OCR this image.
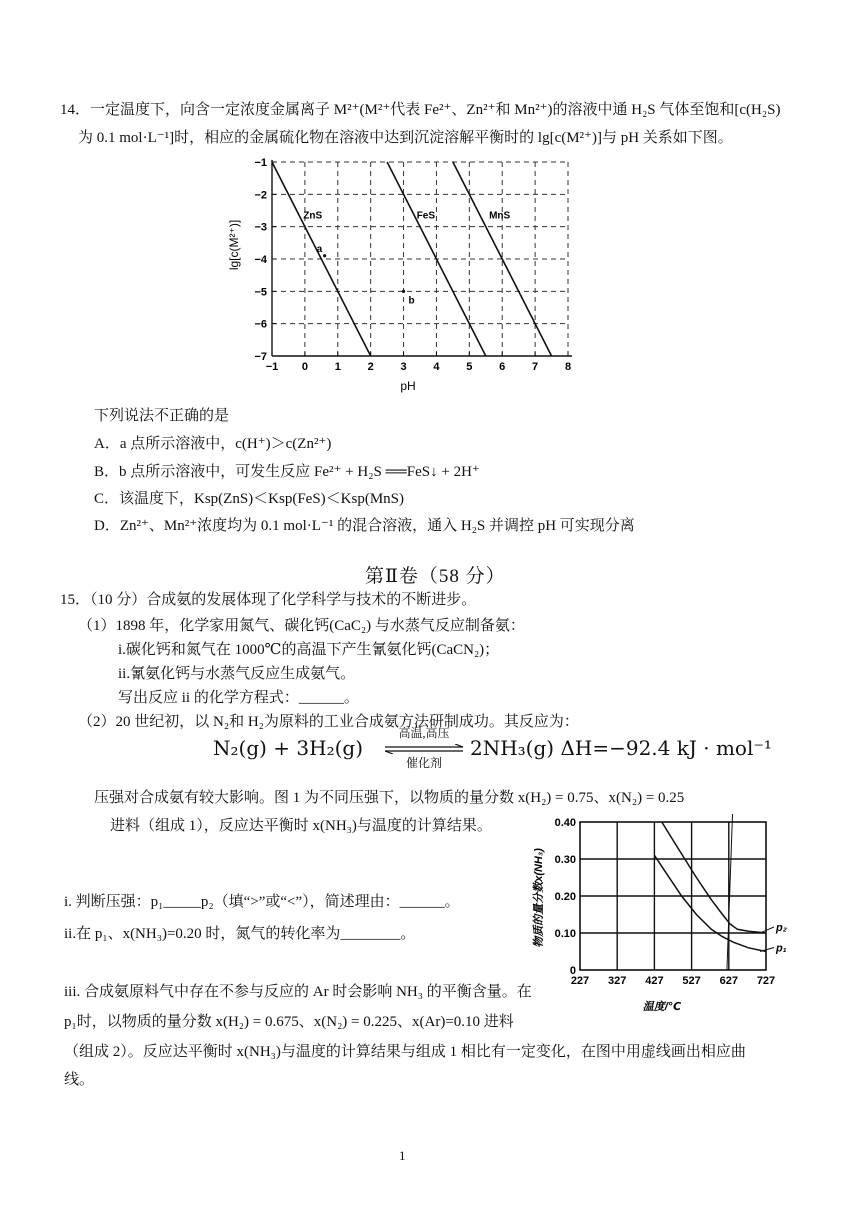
14．一定温度下，向含一定浓度金属离子 M²⁺(M²⁺代表 Fe²⁺、Zn²⁺和 Mn²⁺)的溶液中通 H₂S 气体至饱和[c(H₂S)
为 0.1 mol·L⁻¹]时，相应的金属硫化物在溶液中达到沉淀溶解平衡时的 lg[c(M²⁺)]与 pH 关系如下图。
ZnS	FeS	MnS
a
b
−1 0 1 2 3 4 5 6 7 8
−1
−2
−3
−4
−5
−6
−7
lg[c(M²⁺)]
pH
下列说法不正确的是
A．a 点所示溶液中，c(H⁺)＞c(Zn²⁺)
B．b 点所示溶液中，可发生反应 Fe²⁺ + H₂S ══FeS↓ + 2H⁺
C．该温度下，Ksp(ZnS)＜Ksp(FeS)＜Ksp(MnS)
D．Zn²⁺、Mn²⁺浓度均为 0.1 mol·L⁻¹ 的混合溶液，通入 H₂S 并调控 pH 可实现分离
第Ⅱ卷（58 分）
15．（10 分）合成氨的发展体现了化学科学与技术的不断进步。
（1）1898 年，化学家用氮气、碳化钙(CaC₂) 与水蒸气反应制备氨：
i.碳化钙和氮气在 1000℃的高温下产生氰氨化钙(CaCN₂)；
ii.氰氨化钙与水蒸气反应生成氨气。
写出反应 ii 的化学方程式：______。
（2）20 世纪初，以 N₂和 H₂为原料的工业合成氨方法研制成功。其反应为：
N₂(g) + 3H₂(g)
高温,高压
催化剂
2NH₃(g) ΔH=−92.4 kJ · mol⁻¹
压强对合成氨有较大影响。图 1 为不同压强下，以物质的量分数 x(H₂) = 0.75、x(N₂) = 0.25
进料（组成 1），反应达平衡时 x(NH₃)与温度的计算结果。
i. 判断压强：p₁_____p₂（填“>”或“<”），简述理由：______。
ii.在 p₁、x(NH₃)=0.20 时，氮气的转化率为________。
iii. 合成氨原料气中存在不参与反应的 Ar 时会影响 NH₃ 的平衡含量。在
p₁时，以物质的量分数 x(H₂) = 0.675、x(N₂) = 0.225、x(Ar)=0.10 进料
（组成 2）。反应达平衡时 x(NH₃)与温度的计算结果与组成 1 相比有一定变化，在图中用虚线画出相应曲
线。
p₂
p₁
227 327 427 527 627 727
0.40
0.30
0.20
0.10
0
物质的量分数x(NH₃)
温度/℃
1
